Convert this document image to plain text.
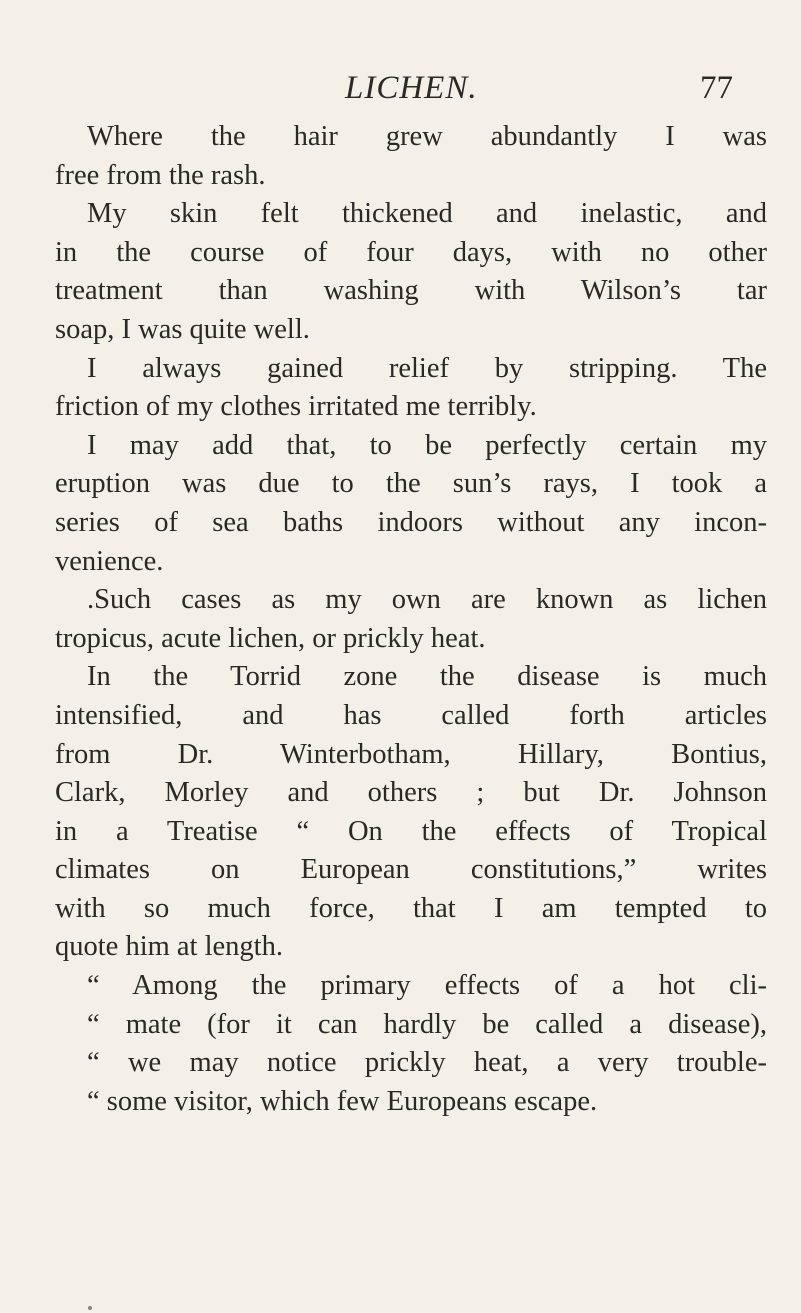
LICHEN.	77
Where the hair grew abundantly I was
free from the rash.
My skin felt thickened and inelastic, and
in the course of four days, with no other
treatment than washing with Wilson’s tar
soap, I was quite well.
I always gained relief by stripping. The
friction of my clothes irritated me terribly.
I may add that, to be perfectly certain my
eruption was due to the sun’s rays, I took a
series of sea baths indoors without any incon-
venience.
.Such cases as my own are known as lichen
tropicus, acute lichen, or prickly heat.
In the Torrid zone the disease is much
intensified, and has called forth articles
from Dr. Winterbotham, Hillary, Bontius,
Clark, Morley and others ; but Dr. Johnson
in a Treatise “ On the effects of Tropical
climates on European constitutions,” writes
with so much force, that I am tempted to
quote him at length.
“ Among the primary effects of a hot cli-
“ mate (for it can hardly be called a disease),
“ we may notice prickly heat, a very trouble-
“ some visitor, which few Europeans escape.
